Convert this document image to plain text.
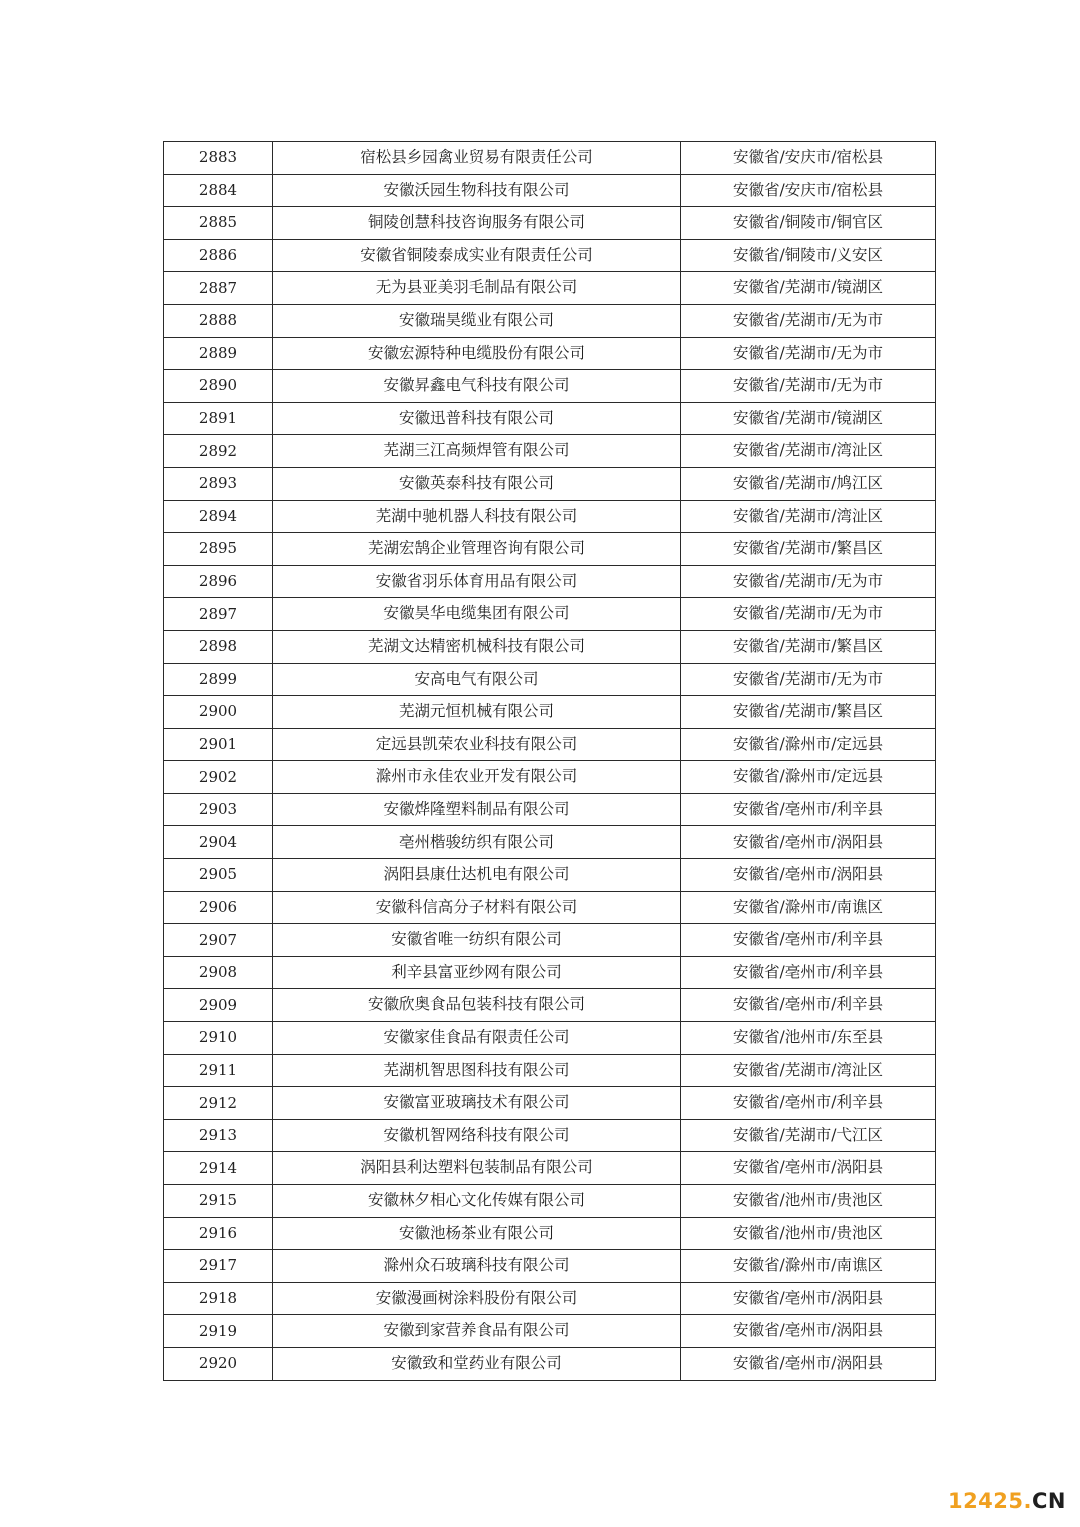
2883	宿松县乡园禽业贸易有限责任公司	安徽省/安庆市/宿松县
2884	安徽沃园生物科技有限公司	安徽省/安庆市/宿松县
2885	铜陵创慧科技咨询服务有限公司	安徽省/铜陵市/铜官区
2886	安徽省铜陵泰成实业有限责任公司	安徽省/铜陵市/义安区
2887	无为县亚美羽毛制品有限公司	安徽省/芜湖市/镜湖区
2888	安徽瑞昊缆业有限公司	安徽省/芜湖市/无为市
2889	安徽宏源特种电缆股份有限公司	安徽省/芜湖市/无为市
2890	安徽昇鑫电气科技有限公司	安徽省/芜湖市/无为市
2891	安徽迅普科技有限公司	安徽省/芜湖市/镜湖区
2892	芜湖三江高频焊管有限公司	安徽省/芜湖市/湾沚区
2893	安徽英泰科技有限公司	安徽省/芜湖市/鸠江区
2894	芜湖中驰机器人科技有限公司	安徽省/芜湖市/湾沚区
2895	芜湖宏鹄企业管理咨询有限公司	安徽省/芜湖市/繁昌区
2896	安徽省羽乐体育用品有限公司	安徽省/芜湖市/无为市
2897	安徽昊华电缆集团有限公司	安徽省/芜湖市/无为市
2898	芜湖文达精密机械科技有限公司	安徽省/芜湖市/繁昌区
2899	安高电气有限公司	安徽省/芜湖市/无为市
2900	芜湖元恒机械有限公司	安徽省/芜湖市/繁昌区
2901	定远县凯荣农业科技有限公司	安徽省/滁州市/定远县
2902	滁州市永佳农业开发有限公司	安徽省/滁州市/定远县
2903	安徽烨隆塑料制品有限公司	安徽省/亳州市/利辛县
2904	亳州楷骏纺织有限公司	安徽省/亳州市/涡阳县
2905	涡阳县康仕达机电有限公司	安徽省/亳州市/涡阳县
2906	安徽科信高分子材料有限公司	安徽省/滁州市/南谯区
2907	安徽省唯一纺织有限公司	安徽省/亳州市/利辛县
2908	利辛县富亚纱网有限公司	安徽省/亳州市/利辛县
2909	安徽欣奥食品包装科技有限公司	安徽省/亳州市/利辛县
2910	安徽家佳食品有限责任公司	安徽省/池州市/东至县
2911	芜湖机智思图科技有限公司	安徽省/芜湖市/湾沚区
2912	安徽富亚玻璃技术有限公司	安徽省/亳州市/利辛县
2913	安徽机智网络科技有限公司	安徽省/芜湖市/弋江区
2914	涡阳县利达塑料包装制品有限公司	安徽省/亳州市/涡阳县
2915	安徽林夕相心文化传媒有限公司	安徽省/池州市/贵池区
2916	安徽池杨茶业有限公司	安徽省/池州市/贵池区
2917	滁州众石玻璃科技有限公司	安徽省/滁州市/南谯区
2918	安徽漫画树涂料股份有限公司	安徽省/亳州市/涡阳县
2919	安徽到家营养食品有限公司	安徽省/亳州市/涡阳县
2920	安徽致和堂药业有限公司	安徽省/亳州市/涡阳县
12425.CN
